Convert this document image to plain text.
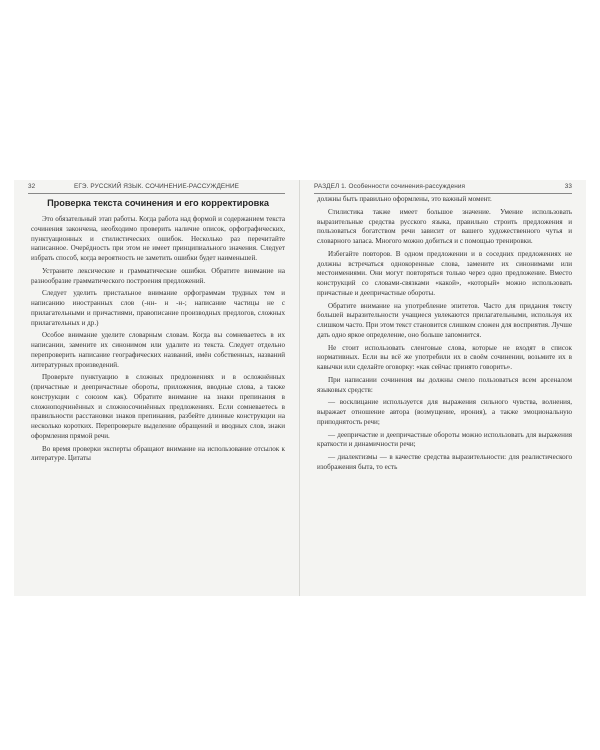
32	ЕГЭ. РУССКИЙ ЯЗЫК. СОЧИНЕНИЕ-РАССУЖДЕНИЕ
Проверка текста сочинения и его корректировка

Это обязательный этап работы. Когда работа над формой и содержанием текста сочинения закончена, необходимо проверить наличие описок, орфографических, пунктуационных и стилистических ошибок. Несколько раз перечитайте написанное. Очерёдность при этом не имеет принципиального значения. Следует избрать способ, когда вероятность не заметить ошибки будет наименьшей.

Устраните лексические и грамматические ошибки. Обратите внимание на разнообразие грамматического построения предложений.

Следует уделить пристальное внимание орфограммам трудных тем и написанию иностранных слов (-нн- н -н-; написание частицы не с прилагательными и причастиями, правописание производных предлогов, сложных прилагательных и др.)

Особое внимание уделите словарным словам. Когда вы сомневаетесь в их написании, замените их синонимом или удалите из текста. Следует отдельно перепроверить написание географических названий, имён собственных, названий литературных произведений.

Проверьте пунктуацию в сложных предложениях и в осложнённых (причастные и деепричастные обороты, приложения, вводные слова, а также конструкции с союзом как). Обратите внимание на знаки препинания в сложноподчинённых и сложносочинённых предложениях. Если сомневаетесь в правильности расстановки знаков препинания, разбейте длинные конструкции на несколько коротких. Перепроверьте выделение обращений и вводных слов, знаки оформления прямой речи.

Во время проверки эксперты обращают внимание на использование отсылок к литературе. Цитаты

РАЗДЕЛ 1. Особенности сочинения-рассуждения	33

должны быть правильно оформлены, это важный момент.

Стилистика также имеет большое значение. Умение использовать выразительные средства русского языка, правильно строить предложения и пользоваться богатством речи зависит от вашего художественного чутья и словарного запаса. Многого можно добиться и с помощью тренировки.

Избегайте повторов. В одном предложении и в соседних предложениях не должны встречаться однокоренные слова, замените их синонимами или местоимениями. Они могут повторяться только через одно предложение. Вместо конструкций со словами-связками «какой», «который» можно использовать причастные и деепричастные обороты.

Обратите внимание на употребление эпитетов. Часто для придания тексту большей выразительности учащиеся увлекаются прилагательными, используя их слишком часто. При этом текст становится слишком сложен для восприятия. Лучше дать одно яркое определение, оно больше запомнится.

Не стоит использовать сленговые слова, которые не входят в список нормативных. Если вы всё же употребили их в своём сочинении, возьмите их в кавычки или сделайте оговорку: «как сейчас принято говорить».

При написании сочинения вы должны смело пользоваться всем арсеналом языковых средств:

— восклицание используется для выражения сильного чувства, волнения, выражает отношение автора (возмущение, ирония), а также эмоциональную приподнятость речи;

— деепричастие и деепричастные обороты можно использовать для выражения краткости и динамичности речи;

— диалектизмы — в качестве средства выразительности: для реалистического изображения быта, то есть
